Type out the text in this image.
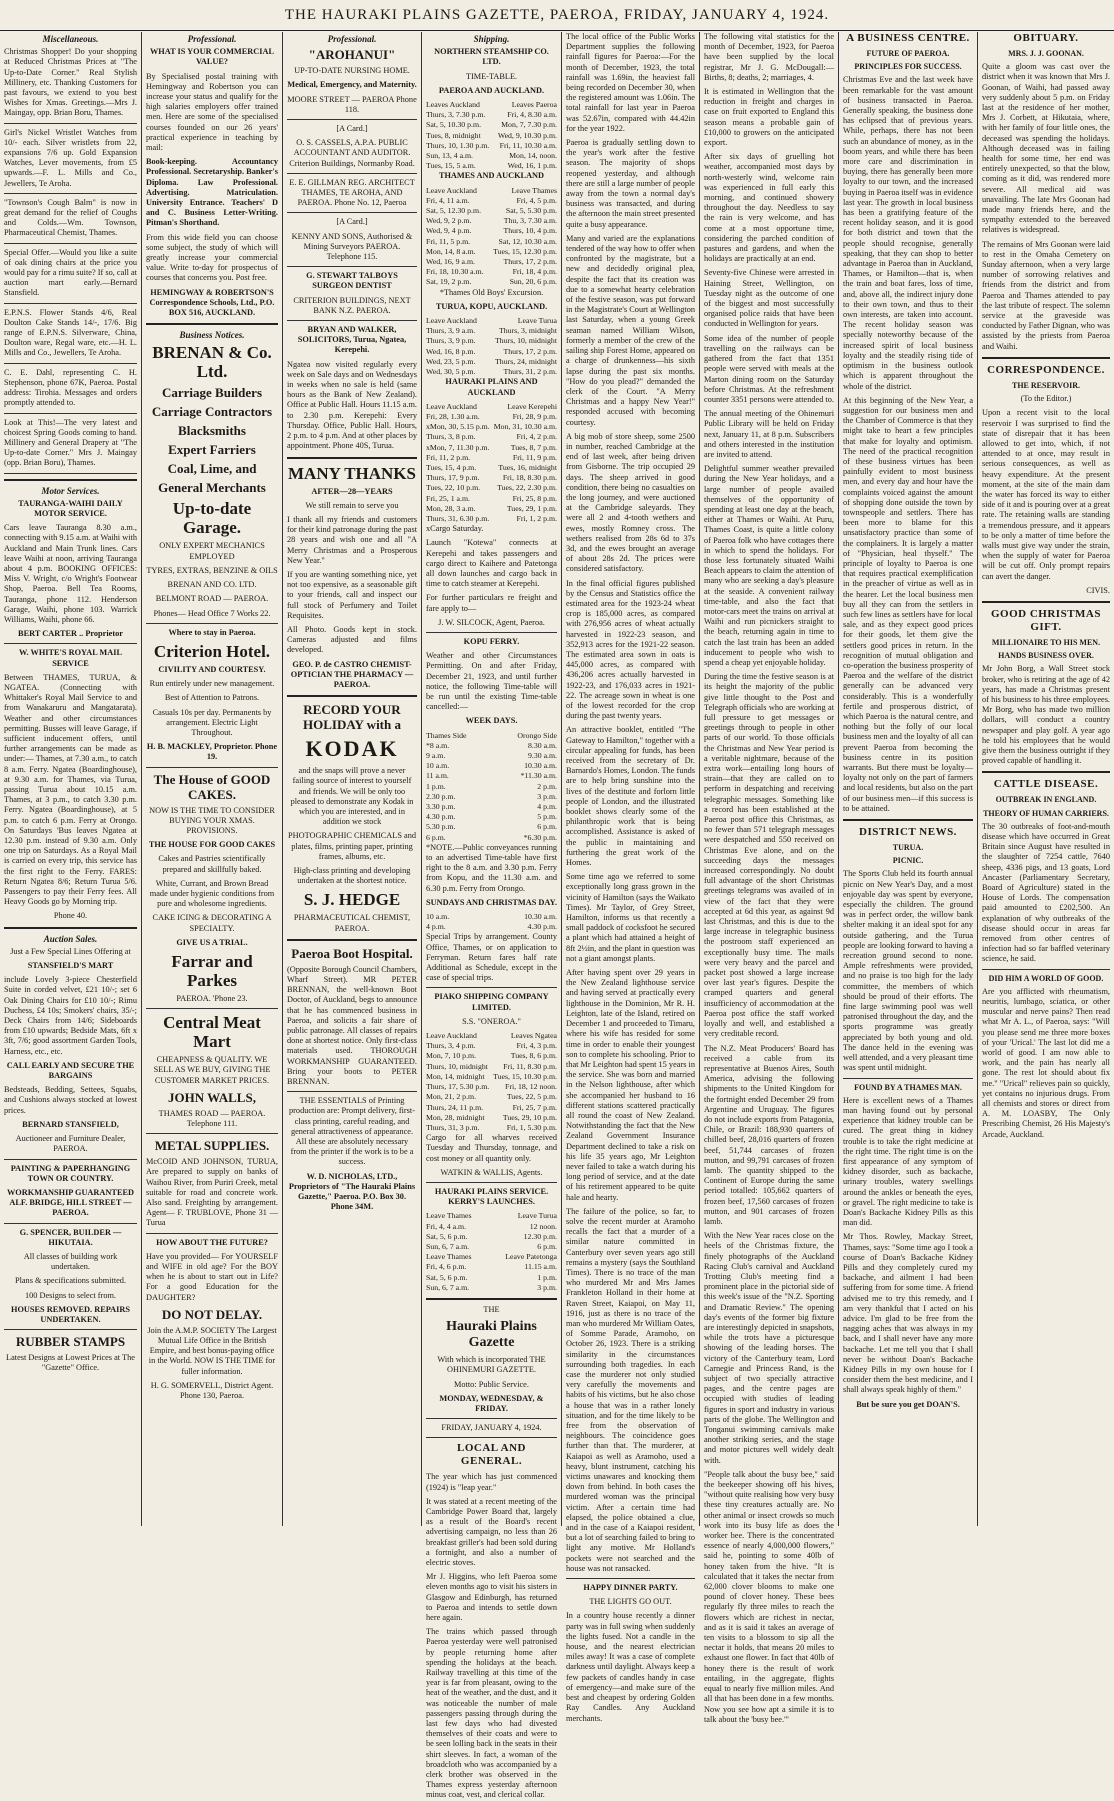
THE HAURAKI PLAINS GAZETTE, PAEROA, FRIDAY, JANUARY 4, 1924.
Miscellaneous.

Christmas Shopper! Do your shopping at Reduced Christmas Prices at "The Up-to-Date Corner." Real Stylish Millinery, etc. Thanking Customers for past favours, we extend to you best Wishes for Xmas. Greetings.—Mrs J. Maingay, opp. Brian Boru, Thames.

Girl's Nickel Wristlet Watches from 10/- each. Silver wristlets from 22, expansions 7/6 up. Gold Expansion Watches, Lever movements, from £5 upwards.—F. L. Mills and Co., Jewellers, Te Aroha.

"Townson's Cough Balm" is now in great demand for the relief of Coughs and Colds.—Wm. Townson, Pharmaceutical Chemist, Thames.

Special Offer.—Would you like a suite of oak dining chairs at the price you would pay for a rimu suite? If so, call at auction mart early.—Bernard Stansfield.

E.P.N.S. Flower Stands 4/6, Real Doulton Cake Stands 14/-, 17/6. Big range of E.P.N.S. Silverware, China, Doulton ware, Regal ware, etc.—H. L. Mills and Co., Jewellers, Te Aroha.

C. E. Dahl, representing C. H. Stephenson, phone 67K, Paeroa. Postal address: Tirohia. Messages and orders promptly attended to.

Look at This!—The very latest and choicest Spring Goods coming to hand. Millinery and General Drapery at "The Up-to-date Corner." Mrs J. Maingay (opp. Brian Boru), Thames.

Motor Services.

TAURANGA-WAIHI DAILY MOTOR SERVICE.

Cars leave Tauranga 8.30 a.m., connecting with 9.15 a.m. at Waihi with Auckland and Main Trunk lines. Cars leave Waihi at noon, arriving Tauranga about 4 p.m. BOOKING OFFICES: Miss V. Wright, c/o Wright's Footwear Shop, Paeroa. Bell Tea Rooms, Tauranga, phone 112. Henderson Garage, Waihi, phone 103. Warrick Williams, Waihi, phone 66.

BERT CARTER .. Proprietor

W. WHITE'S ROYAL MAIL SERVICE

Between THAMES, TURUA, & NGATEA. (Connecting with Whittaker's Royal Mail Service to and from Wanakaruru and Mangatarata). Weather and other circumstances permitting. Busses will leave Garage, if sufficient inducement offers, until further arrangements can be made as under:— Thames, at 7.30 a.m., to catch 8 a.m. Ferry. Ngatea (Boardinghouse), at 9.30 a.m. for Thames, via Turua, passing Turua about 10.15 a.m. Thames, at 3 p.m., to catch 3.30 p.m. Ferry. Ngatea (Boardinghouse), at 5 p.m. to catch 6 p.m. Ferry at Orongo. On Saturdays 'Bus leaves Ngatea at 12.30 p.m. instead of 9.30 a.m. Only one trip on Saturdays. As a Royal Mail is carried on every trip, this service has the first right to the Ferry. FARES: Return Ngatea 8/6; Return Turua 5/6. Passengers to pay their Ferry fees. All Heavy Goods go by Morning trip.

Phone 40.

Auction Sales.

Just a Few Special Lines Offering at

STANSFIELD'S MART

include Lovely 3-piece Chesterfield Suite in corded velvet, £21 10/-; set 6 Oak Dining Chairs for £10 10/-; Rimu Duchess, £4 10s; Smokers' chairs, 35/-; Deck Chairs from 14/6; Sideboards from £10 upwards; Bedside Mats, 6ft x 3ft, 7/6; good assortment Garden Tools, Harness, etc., etc.

CALL EARLY AND SECURE THE BARGAINS

Bedsteads, Bedding, Settees, Squabs, and Cushions always stocked at lowest prices.

BERNARD STANSFIELD,

Auctioneer and Furniture Dealer, PAEROA.

PAINTING & PAPERHANGING TOWN OR COUNTRY.

WORKMANSHIP GUARANTEED ALF. BRIDGE, HILL STREET — PAEROA.

G. SPENCER, BUILDER — HIKUTAIA.

All classes of building work undertaken.

Plans & specifications submitted.

100 Designs to select from.

HOUSES REMOVED. REPAIRS UNDERTAKEN.

RUBBER STAMPS

Latest Designs at Lowest Prices at The "Gazette" Office.

Professional.

WHAT IS YOUR COMMERCIAL VALUE?

By Specialised postal training with Hemingway and Robertson you can increase your status and qualify for the high salaries employers offer trained men. Here are some of the specialised courses founded on our 26 years' practical experience in teaching by mail:

Book-keeping. Accountancy Professional. Secretaryship. Banker's Diploma. Law Professional. Advertising. Matriculation. University Entrance. Teachers' D and C. Business Letter-Writing. Pitman's Shorthand.

From this wide field you can choose some subject, the study of which will greatly increase your commercial value. Write to-day for prospectus of courses that concerns you. Post free.

HEMINGWAY & ROBERTSON'S Correspondence Schools, Ltd., P.O. BOX 516, AUCKLAND.

Business Notices.

BRENAN & Co. Ltd.

Carriage Builders

Carriage Contractors

Blacksmiths

Expert Farriers

Coal, Lime, and

General Merchants

Up-to-date Garage.

ONLY EXPERT MECHANICS EMPLOYED

TYRES, EXTRAS, BENZINE & OILS

BRENAN AND CO. LTD.

BELMONT ROAD — PAEROA.

Phones— Head Office 7 Works 22.

Where to stay in Paeroa.

Criterion Hotel.

CIVILITY AND COURTESY.

Run entirely under new management.

Best of Attention to Patrons.

Casuals 10s per day. Permanents by arrangement. Electric Light Throughout.

H. B. MACKLEY, Proprietor. Phone 19.

The House of GOOD CAKES.

NOW IS THE TIME TO CONSIDER BUYING YOUR XMAS. PROVISIONS.

THE HOUSE FOR GOOD CAKES

Cakes and Pastries scientifically prepared and skillfully baked.

White, Currant, and Brown Bread made under hygienic conditions from pure and wholesome ingredients.

CAKE ICING & DECORATING A SPECIALTY.

GIVE US A TRIAL.

Farrar and Parkes

PAEROA. 'Phone 23.

Central Meat Mart

CHEAPNESS & QUALITY. WE SELL AS WE BUY, GIVING THE CUSTOMER MARKET PRICES.

JOHN WALLS,

THAMES ROAD — PAEROA. Telephone 111.

METAL SUPPLIES.

McCOID AND JOHNSON, TURUA, Are prepared to supply on banks of Waihou River, from Puriri Creek, metal suitable for road and concrete work. Also sand. Freighting by arrangement. Agent— F. TRUBLOVE, Phone 31 — Turua

HOW ABOUT THE FUTURE?

Have you provided— For YOURSELF and WIFE in old age? For the BOY when he is about to start out in Life? For a good Education for the DAUGHTER?

DO NOT DELAY.

Join the A.M.P. SOCIETY The Largest Mutual Life Office in the British Empire, and best bonus-paying office in the World. NOW IS THE TIME for fuller information.

H. G. SOMERVELL, District Agent. Phone 130, Paeroa.

Professional.

"AROHANUI"

UP-TO-DATE NURSING HOME.

Medical, Emergency, and Maternity.

MOORE STREET — PAEROA Phone 118.

[A Card.]

O. S. CASSELS, A.P.A. PUBLIC ACCOUNTANT AND AUDITOR. Criterion Buildings, Normanby Road.

E. E. GILLMAN REG. ARCHITECT THAMES, TE AROHA, AND PAEROA. Phone No. 12, Paeroa

[A Card.]

KENNY AND SONS, Authorised & Mining Surveyors PAEROA. Telephone 115.

G. STEWART TALBOYS SURGEON DENTIST

CRITERION BUILDINGS, NEXT BANK N.Z. PAEROA.

BRYAN AND WALKER, SOLICITORS, Turua, Ngatea, Kerepehi.

Ngatea now visited regularly every week on Sale days and on Wednesdays in weeks when no sale is held (same hours as the Bank of New Zealand). Office at Public Hall. Hours 11.15 a.m. to 2.30 p.m. Kerepehi: Every Thursday. Office, Public Hall. Hours, 2 p.m. to 4 p.m. And at other places by appointment. Phone 40S, Turua.

MANY THANKS

AFTER—28—YEARS

We still remain to serve you

I thank all my friends and customers for their kind patronage during the past 28 years and wish one and all "A Merry Christmas and a Prosperous New Year."

If you are wanting something nice, yet not too expensive, as a seasonable gift to your friends, call and inspect our full stock of Perfumery and Toilet Requisites.

All Photo. Goods kept in stock. Cameras adjusted and films developed.

GEO. P. de CASTRO CHEMIST-OPTICIAN THE PHARMACY — PAEROA.

RECORD YOUR HOLIDAY with a

KODAK

and the snaps will prove a never failing source of interest to yourself and friends. We will be only too pleased to demonstrate any Kodak in which you are interested, and in addition we stock

PHOTOGRAPHIC CHEMICALS and plates, films, printing paper, printing frames, albums, etc.

High-class printing and developing undertaken at the shortest notice.

S. J. HEDGE

PHARMACEUTICAL CHEMIST, PAEROA.

Paeroa Boot Hospital.

(Opposite Borough Council Chambers, Wharf Street). MR PETER BRENNAN, the well-known Boot Doctor, of Auckland, begs to announce that he has commenced business in Paeroa, and solicits a fair share of public patronage. All classes of repairs done at shortest notice. Only first-class materials used. THOROUGH WORKMANSHIP GUARANTEED. Bring your boots to PETER BRENNAN.

THE ESSENTIALS of Printing production are: Prompt delivery, first-class printing, careful reading, and general attractiveness of appearance. All these are absolutely necessary from the printer if the work is to be a success.

W. D. NICHOLAS, LTD., Proprietors of "The Hauraki Plains Gazette," Paeroa. P.O. Box 30. Phone 34M.

Shipping.

NORTHERN STEAMSHIP CO. LTD.

TIME-TABLE.

PAEROA AND AUCKLAND.

Leaves Auckland	Leaves Paeroa
Thurs, 3, 7.30 p.m.	Fri, 4, 8.30 a.m.
Sat, 5, 10.30 p.m.	Mon, 7, 7.30 p.m.
Tues, 8, midnight Wed, 9, 10.30 p.m.
Thurs, 10, 1.30 p.m. Fri, 11, 10.30 a.m.
Sun, 13, 4 a.m.	Mon, 14, noon.
Tues, 15, 5 a.m.	Wed, 16, 1 p.m.

THAMES AND AUCKLAND

Leave Auckland	Leave Thames
Fri, 4, 11 a.m.	Fri, 4, 5 p.m.
Sat, 5, 12.30 p.m.	Sat, 5, 5.30 p.m.
Wed, 9, 2 p.m.	Thu, 3, 7.30 a.m.
Wed, 9, 4 p.m.	Thurs, 10, 4 p.m.
Fri, 11, 5 p.m.	Sat, 12, 10.30 a.m.
Mon, 14, 8 a.m. Tues, 15, 12.30 p.m.
Wed, 16, 9 a.m.	Thurs, 17, 2 p.m.
Fri, 18, 10.30 a.m.	Fri, 18, 4 p.m.
Sat, 19, 2 p.m.	Sun, 20, 6 p.m.

*Thames Old Boys' Excursion.

TURUA, KOPU, AUCKLAND.

Leave Auckland	Leave Turua
Thurs, 3, 9 a.m.	Thurs, 3, midnight
Thurs, 3, 9 p.m. Thurs, 10, midnight
Wed, 16, 8 p.m.	Thurs, 17, 2 p.m.
Wed, 23, 5 p.m.	Thurs, 24, midnight
Wed, 30, 5 p.m.	Thurs, 31, 2 p.m.

HAURAKI PLAINS AND AUCKLAND

Leave Auckland	Leave Kerepehi
Fri, 28, 1.30 a.m.	Fri, 28, 9 p.m.
xMon, 30, 5.15 p.m. Mon, 31, 10.30 a.m.
Thurs, 3, 8 p.m.	Fri, 4, 2 p.m.
xMon, 7, 11.30 p.m.	Tues, 8, 7 p.m.
Fri, 11, 2 p.m.	Fri, 11, 9 p.m.
Tues, 15, 4 p.m.	Tues, 16, midnight
Thurs, 17, 9 p.m.	Fri, 18, 8.30 p.m.
Tues, 22, 10 p.m. Tues, 22, 2.30 p.m.
Fri, 25, 1 a.m.	Fri, 25, 8 p.m.
Mon, 28, 3 a.m.	Tues, 29, 1 p.m.
Thurs, 31, 6.30 p.m.	Fri, 1, 2 p.m.

xCargo Saturday.

Launch "Kotewa" connects at Kerepehi and takes passengers and cargo direct to Kaihere and Patetonga all down launches and cargo back in time to catch steamer at Kerepehi.

For further particulars re freight and fare apply to—

J. W. SILCOCK, Agent, Paeroa.

KOPU FERRY.

Weather and other Circumstances Permitting. On and after Friday, December 21, 1923, and until further notice, the following Time-table will be run until the existing Time-table cancelled:—

WEEK DAYS.

Thames Side	Orongo Side
*8 a.m.	8.30 a.m.
9 a.m.	9.30 a.m.
10 a.m.	10.30 a.m.
11 a.m.	*11.30 a.m.
1 p.m.	2 p.m.
2.30 p.m.	3 p.m.
3.30 p.m.	4 p.m.
4.30 p.m.	5 p.m.
5.30 p.m.	6 p.m.
6 p.m.	*6.30 p.m.

*NOTE.—Public conveyances running to an advertised Time-table have first right to the 8 a.m. and 3.30 p.m. Ferry from Kopu, and the 11.30 a.m. and 6.30 p.m. Ferry from Orongo.

SUNDAYS AND CHRISTMAS DAY.

10 a.m.	10.30 a.m.
4 p.m.	4.30 p.m.

Special Trips by arrangement. County Office, Thames, or on application to Ferryman. Return fares half rate Additional as Schedule, except in the case of special trips.

PIAKO SHIPPING COMPANY LIMITED.

S.S. "ONEROA."

Leave Auckland	Leaves Ngatea
Thurs, 3, 4 p.m.	Fri, 4, 3 p.m.
Mon, 7, 10 p.m.	Tues, 8, 6 p.m.
Thurs, 10, midnight Fri, 11, 8.30 p.m.
Mon, 14, midnight Tues, 15, 10.30 p.m.
Thurs, 17, 5.30 p.m. Fri, 18, 12 noon.
Mon, 21, 2 p.m.	Tues, 22, 5 p.m.
Thurs, 24, 11 p.m.	Fri, 25, 7 p.m.
Mon, 28, midnight Tues, 29, 10 p.m.
Thurs, 31, 3 p.m.	Fri, 1, 5.30 p.m.

Cargo for all wharves received Tuesday and Thursday, tonnage, and cost money or all quantity only.

WATKIN & WALLIS, Agents.

HAURAKI PLAINS SERVICE. KERRY'S LAUNCHES.

Leave Thames	Leave Turua
Fri, 4, 4 a.m.	12 noon.
Sat, 5, 6 p.m.	12.30 p.m.
Sun, 6, 7 a.m.	6 p.m.
Leave Thames	Leave Patetonga
Fri, 4, 6 p.m.	11.15 a.m.
Sat, 5, 6 p.m.	1 p.m.
Sun, 6, 7 a.m.	3 p.m.

THE

Hauraki Plains Gazette

With which is incorporated THE OHINEMURI GAZETTE.

Motto: Public Service.

MONDAY, WEDNESDAY, & FRIDAY.

FRIDAY, JANUARY 4, 1924.

LOCAL AND GENERAL.

The year which has just commenced (1924) is "leap year."

It was stated at a recent meeting of the Cambridge Power Board that, largely as a result of the Board's recent advertising campaign, no less than 26 breakfast griller's had been sold during a fortnight, and also a number of electric stoves.

Mr J. Higgins, who left Paeroa some eleven months ago to visit his sisters in Glasgow and Edinburgh, has returned to Paeroa and intends to settle down here again.

The trains which passed through Paeroa yesterday were well patronised by people returning home after spending the holidays at the beach. Railway travelling at this time of the year is far from pleasant, owing to the heat of the weather, and the dust, and it was noticeable the number of male passengers passing through during the last few days who had divested themselves of their coats and were to be seen lolling back in the seats in their shirt sleeves. In fact, a woman of the broadcloth who was accompanied by a clerk brother was observed in the Thames express yesterday afternoon minus coat, vest, and clerical collar.

The local office of the Public Works Department supplies the following rainfall figures for Paeroa:—For the month of December, 1923, the total rainfall was 1.69in, the heaviest fall being recorded on December 30, when the registered amount was 1.06in. The total rainfall for last year in Paeroa was 52.67in, compared with 44.42in for the year 1922.

Paeroa is gradually settling down to the year's work after the festive season. The majority of shops reopened yesterday, and although there are still a large number of people away from the town a normal day's business was transacted, and during the afternoon the main street presented quite a busy appearance.

Many and varied are the explanations tendered of the way how to offer when confronted by the magistrate, but a new and decidedly original plea, despite the fact that its creation was due to a somewhat hearty celebration of the festive season, was put forward in the Magistrate's Court at Wellington last Saturday, when a young Greek seaman named William Wilson, formerly a member of the crew of the sailing ship Forest Home, appeared on a charge of drunkenness—his sixth lapse during the past six months. "How do you plead?" demanded the clerk of the Court. "A Merry Christmas and a happy New Year!" responded accused with becoming courtesy.

A big mob of store sheep, some 2500 in number, reached Cambridge at the end of last week, after being driven from Gisborne. The trip occupied 29 days. The sheep arrived in good condition, there being no casualties on the long journey, and were auctioned at the Cambridge saleyards. They were all 2 and 4-tooth wethers and ewes, mostly Romney cross. The wethers realised from 28s 6d to 37s 3d, and the ewes brought an average of about 28s 2d. The prices were considered satisfactory.

In the final official figures published by the Census and Statistics office the estimated area for the 1923-24 wheat crop is 185,000 acres, as compared with 276,956 acres of wheat actually harvested in 1922-23 season, and 352,913 acres for the 1921-22 season. The estimated area sown in oats is 445,000 acres, as compared with 436,206 acres actually harvested in 1922-23, and 176,033 acres in 1921-22. The acreage sown in wheat is one of the lowest recorded for the crop during the past twenty years.

An attractive booklet, entitled "The Gateway to Hamilton," together with a circular appealing for funds, has been received from the secretary of Dr. Barnardo's Homes, London. The funds are to help bring sunshine into the lives of the destitute and forlorn little people of London, and the illustrated booklet shows clearly some of the philanthropic work that is being accomplished. Assistance is asked of the public in maintaining and furthering the great work of the Homes.

Some time ago we referred to some exceptionally long grass grown in the vicinity of Hamilton (says the Waikato Times). Mr Taylor, of Grey Street, Hamilton, informs us that recently a small paddock of cocksfoot he secured a plant which had attained a height of 8ft 2½in, and the plant in question was not a giant amongst plants.

After having spent over 29 years in the New Zealand lighthouse service and having served at practically every lighthouse in the Dominion, Mr R. H. Leighton, late of the Island, retired on December 1 and proceeded to Timaru, where his wife has resided for some time in order to enable their youngest son to complete his schooling. Prior to that Mr Leighton had spent 15 years in the service. She was born and married in the Nelson lighthouse, after which she accompanied her husband to 16 different stations scattered practically all round the coast of New Zealand. Notwithstanding the fact that the New Zealand Government Insurance Department declined to take a risk on his life 35 years ago, Mr Leighton never failed to take a watch during his long period of service, and at the date of his retirement appeared to be quite hale and hearty.

The failure of the police, so far, to solve the recent murder at Aramoho recalls the fact that a murder of a similar nature committed in Canterbury over seven years ago still remains a mystery (says the Southland Times). There is no trace of the man who murdered Mr and Mrs James Frankleton Holland in their home at Raven Street, Kaiapoi, on May 11, 1916, just as there is no trace of the man who murdered Mr William Oates, of Somme Parade, Aramoho, on October 26, 1923. There is a striking similarity in the circumstances surrounding both tragedies. In each case the murderer not only studied very carefully the movements and habits of his victims, but he also chose a house that was in a rather lonely situation, and for the time likely to be free from the observation of neighbours. The coincidence goes further than that. The murderer, at Kaiapoi as well as Aramoho, used a heavy, blunt instrument, catching his victims unawares and knocking them down from behind. In both cases the murdered woman was the principal victim. After a certain time had elapsed, the police obtained a clue, and in the case of a Kaiapoi resident, but a lot of searching failed to bring to light any motive. Mr Holland's pockets were not searched and the house was not ransacked.

HAPPY DINNER PARTY.

THE LIGHTS GO OUT.

In a country house recently a dinner party was in full swing when suddenly the lights fused. Not a candle in the house, and the nearest electrician miles away! It was a case of complete darkness until daylight. Always keep a few packets of candles handy in case of emergency—and make sure of the best and cheapest by ordering Golden Ray Candles. Any Auckland merchants.

The following vital statistics for the month of December, 1923, for Paeroa have been supplied by the local registrar, Mr J. G. McDougall:—Births, 8; deaths, 2; marriages, 4.

It is estimated in Wellington that the reduction in freight and charges in case on fruit exported to England this season means a probable gain of £10,000 to growers on the anticipated export.

After six days of gruelling hot weather, accompanied most days by north-westerly wind, welcome rain was experienced in full early this morning, and continued showery throughout the day. Needless to say the rain is very welcome, and has come at a most opportune time, considering the parched condition of pastures and gardens, and when the holidays are practically at an end.

Seventy-five Chinese were arrested in Haining Street, Wellington, on Tuesday night as the outcome of one of the biggest and most successfully organised police raids that have been conducted in Wellington for years.

Some idea of the number of people travelling on the railways can be gathered from the fact that 1351 people were served with meals at the Marton dining room on the Saturday before Christmas. At the refreshment counter 3351 persons were attended to.

The annual meeting of the Ohinemuri Public Library will be held on Friday next, January 11, at 8 p.m. Subscribers and others interested in the institution are invited to attend.

Delightful summer weather prevailed during the New Year holidays, and a large number of people availed themselves of the opportunity of spending at least one day at the beach, either at Thames or Waihi. At Puru, Thames Coast, is quite a little colony of Paeroa folk who have cottages there in which to spend the holidays. For those less fortunately situated Waihi Beach appears to claim the attention of many who are seeking a day's pleasure at the seaside. A convenient railway time-table, and also the fact that motor-cars meet the trains on arrival at Waihi and run picnickers straight to the beach, returning again in time to catch the last train has been an added inducement to people who wish to spend a cheap yet enjoyable holiday.

During the time the festive season is at its height the majority of the public give little thought to the Post and Telegraph officials who are working at full pressure to get messages or greetings through to people in other parts of our world. To those officials the Christmas and New Year period is a veritable nightmare, because of the extra work—entailing long hours of strain—that they are called on to perform in despatching and receiving telegraphic messages. Something like a record has been established at the Paeroa post office this Christmas, as no fewer than 571 telegraph messages were despatched and 550 received on Christmas Eve alone, and on the succeeding days the messages increased correspondingly. No doubt full advantage of the short Christmas greetings telegrams was availed of in view of the fact that they were accepted at 6d this year, as against 9d last Christmas, and this is due to the large increase in telegraphic business the postroom staff experienced an exceptionally busy time. The mails were very heavy and the parcel and packet post showed a large increase over last year's figures. Despite the cramped quarters and general insufficiency of accommodation at the Paeroa post office the staff worked loyally and well, and established a very creditable record.

The N.Z. Meat Producers' Board has received a cable from its representative at Buenos Aires, South America, advising the following shipments to the United Kingdom for the fortnight ended December 29 from Argentine and Uruguay. The figures do not include exports from Patagonia, Chile, or Brazil: 188,930 quarters of chilled beef, 28,016 quarters of frozen beef, 51,744 carcases of frozen mutton, and 99,791 carcases of frozen lamb. The quantity shipped to the Continent of Europe during the same period totalled: 105,662 quarters of frozen beef, 17,560 carcases of frozen mutton, and 901 carcases of frozen lamb.

With the New Year races close on the heels of the Christmas fixture, the finely photographs of the Auckland Racing Club's carnival and Auckland Trotting Club's meeting find a prominent place in the pictorial side of this week's issue of the "N.Z. Sporting and Dramatic Review." The opening day's events of the former big fixture are interestingly depicted in snapshots, while the trots have a picturesque showing of the leading horses. The victory of the Canterbury team, Lord Carnegie and Princess Rand, is the subject of two specially attractive pages, and the centre pages are occupied with studies of leading figures in sport and industry in various parts of the globe. The Wellington and Tonganui swimming carnivals make another striking series, and the stage and motor pictures well widely dealt with.

"People talk about the busy bee," said the beekeeper showing off his hives, "without quite realising how very busy these tiny creatures actually are. No other animal or insect crowds so much work into its busy life as does the worker bee. There is the concentrated essence of nearly 4,000,000 flowers," said he, pointing to some 40lb of honey taken from the hive. "It is calculated that it takes the nectar from 62,000 clover blooms to make one pound of clover honey. These bees regularly fly three miles to reach the flowers which are richest in nectar, and as it is said it takes an average of ten visits to a blossom to sip all the nectar it holds, that means 20 miles to exhaust one flower. In fact that 40lb of honey there is the result of work entailing, in the aggregate, flights equal to nearly five million miles. And all that has been done in a few months. Now you see how apt a simile it is to talk about the 'busy bee.'"

A BUSINESS CENTRE.

FUTURE OF PAEROA.

PRINCIPLES FOR SUCCESS.

Christmas Eve and the last week have been remarkable for the vast amount of business transacted in Paeroa. Generally speaking, the business done has eclipsed that of previous years. While, perhaps, there has not been such an abundance of money, as in the boom years, and while there has been more care and discrimination in buying, there has generally been more loyalty to our town, and the increased buying in Paeroa itself was in evidence last year. The growth in local business has been a gratifying feature of the recent holiday season, and it is good for both district and town that the people should recognise, generally speaking, that they can shop to better advantage in Paeroa than in Auckland, Thames, or Hamilton—that is, when the train and boat fares, loss of time, and, above all, the indirect injury done to their own town, and thus to their own interests, are taken into account. The recent holiday season was specially noteworthy because of the increased spirit of local business loyalty and the steadily rising tide of optimism in the business outlook which is apparent throughout the whole of the district.

At this beginning of the New Year, a suggestion for our business men and the Chamber of Commerce is that they might take to heart a few principles that make for loyalty and optimism. The need of the practical recognition of these business virtues has been painfully evident to most business men, and every day and hour have the complaints voiced against the amount of shopping done outside the town by townspeople and settlers. There has been more to blame for this unsatisfactory practice than some of the complainers. It is largely a matter of "Physician, heal thyself." The principle of loyalty to Paeroa is one that requires practical exemplification in the preacher of virtue as well as in the hearer. Let the local business men buy all they can from the settlers in such few lines as settlers have for local sale, and as they expect good prices for their goods, let them give the settlers good prices in return. In the recognition of mutual obligation and co-operation the business prosperity of Paeroa and the welfare of the district generally can be advanced very considerably. This is a wonderfully fertile and prosperous district, of which Paeroa is the natural centre, and nothing but the folly of our local business men and the loyalty of all can prevent Paeroa from becoming the business centre in its position warrants. But there must be loyalty—loyalty not only on the part of farmers and local residents, but also on the part of our business men—if this success is to be attained.

DISTRICT NEWS.

TURUA.

PICNIC.

The Sports Club held its fourth annual picnic on New Year's Day, and a most enjoyable day was spent by everyone, especially the children. The ground was in perfect order, the willow bank shelter making it an ideal spot for any outside gathering, and the Turua people are looking forward to having a recreation ground second to none. Ample refreshments were provided, and no praise is too high for the lady committee, the members of which should be proud of their efforts. The fine large swimming pool was well patronised throughout the day, and the sports programme was greatly appreciated by both young and old. The dance held in the evening was well attended, and a very pleasant time was spent until midnight.

FOUND BY A THAMES MAN.

Here is excellent news of a Thames man having found out by personal experience that kidney trouble can be cured. The great thing in kidney trouble is to take the right medicine at the right time. The right time is on the first appearance of any symptom of kidney disorder, such as backache, urinary troubles, watery swellings around the ankles or beneath the eyes, or gravel. The right medicine to take is Doan's Backache Kidney Pills as this man did.

Mr Thos. Rowley, Mackay Street, Thames, says: "Some time ago I took a course of Doan's Backache Kidney Pills and they completely cured my backache, and ailment I had been suffering from for some time. A friend advised me to try this remedy, and I am very thankful that I acted on his advice. I'm glad to be free from the nagging aches that was always in my back, and I shall never have any more backache. Let me tell you that I shall never be without Doan's Backache Kidney Pills in my own house for I consider them the best medicine, and I shall always speak highly of them."

But be sure you get DOAN'S.

OBITUARY.

MRS. J. J. GOONAN.

Quite a gloom was cast over the district when it was known that Mrs J. Goonan, of Waihi, had passed away very suddenly about 5 p.m. on Friday last at the residence of her mother, Mrs J. Corbett, at Hikutaia, where, with her family of four little ones, the deceased was spending the holidays. Although deceased was in failing health for some time, her end was entirely unexpected, so that the blow, coming as it did, was rendered more severe. All medical aid was unavailing. The late Mrs Goonan had made many friends here, and the sympathy extended to the bereaved relatives is widespread.

The remains of Mrs Goonan were laid to rest in the Omaha Cemetery on Sunday afternoon, when a very large number of sorrowing relatives and friends from the district and from Paeroa and Thames attended to pay the last tribute of respect. The solemn service at the graveside was conducted by Father Dignan, who was assisted by the priests from Paeroa and Waihi.

CORRESPONDENCE.

THE RESERVOIR.

(To the Editor.)

Upon a recent visit to the local reservoir I was surprised to find the state of disrepair that it has been allowed to get into, which, if not attended to at once, may result in serious consequences, as well as heavy expenditure. At the present moment, at the site of the main dam the water has forced its way to either side of it and is pouring over at a great rate. The retaining walls are standing a tremendous pressure, and it appears to be only a matter of time before the walls must give way under the strain, when the supply of water for Paeroa will be cut off. Only prompt repairs can avert the danger.

CIVIS.

GOOD CHRISTMAS GIFT.

MILLIONAIRE TO HIS MEN.

HANDS BUSINESS OVER.

Mr John Borg, a Wall Street stock broker, who is retiring at the age of 42 years, has made a Christmas present of his business to his three employees. Mr Borg, who has made two million dollars, will conduct a country newspaper and play golf. A year ago he told his employees that he would give them the business outright if they proved capable of handling it.

CATTLE DISEASE.

OUTBREAK IN ENGLAND.

THEORY OF HUMAN CARRIERS.

The 30 outbreaks of foot-and-mouth disease which have occurred in Great Britain since August have resulted in the slaughter of 7254 cattle, 7640 sheep, 4336 pigs, and 13 goats, Lord Ancaster (Parliamentary Secretary, Board of Agriculture) stated in the House of Lords. The compensation paid amounted to £202,500. An explanation of why outbreaks of the disease should occur in areas far removed from other centres of infection had so far baffled veterinary science, he said.

DID HIM A WORLD OF GOOD.

Are you afflicted with rheumatism, neuritis, lumbago, sciatica, or other muscular and nerve pains? Then read what Mr A. L., of Paeroa, says: "Will you please send me three more boxes of your 'Urical.' The last lot did me a world of good. I am now able to work, and the pain has nearly all gone. The rest lot should about fix me." "Urical" relieves pain so quickly, yet contains no injurious drugs. From all chemists and stores or direct from A. M. LOASBY, The Only Prescribing Chemist, 26 His Majesty's Arcade, Auckland.
